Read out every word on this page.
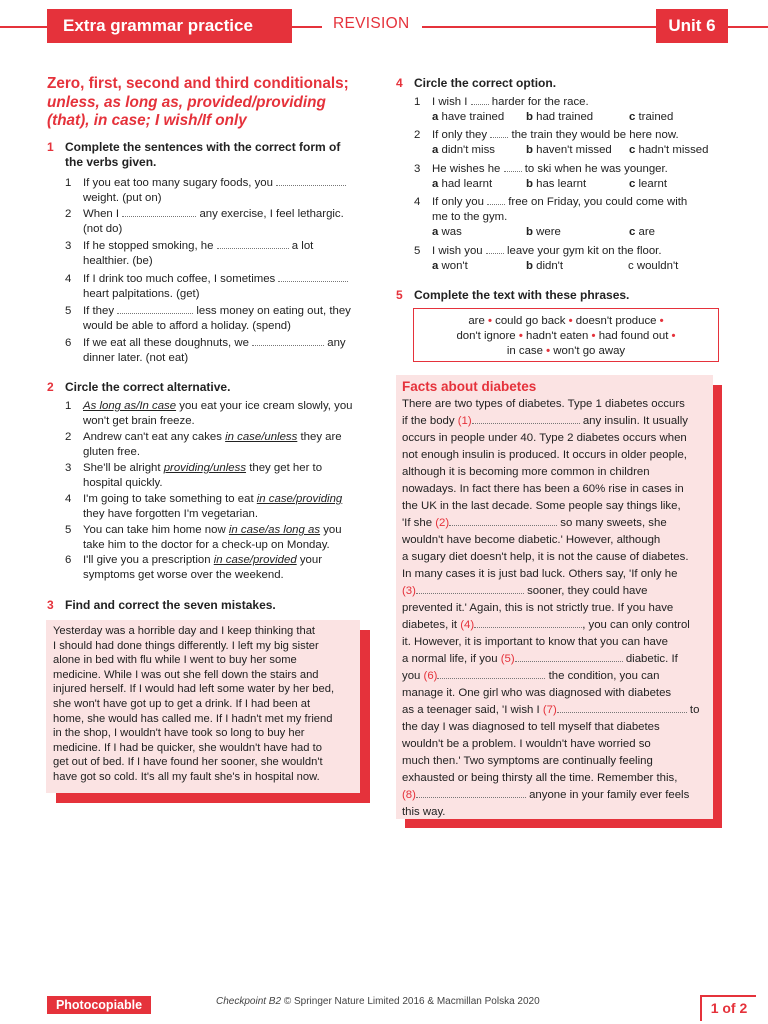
Extra grammar practice	REVISION	Unit 6
Zero, first, second and third conditionals;
unless, as long as, provided/providing
(that), in case; I wish/If only
1 Complete the sentences with the correct form of
the verbs given.
1 If you eat too many sugary foods, you
weight. (put on)
2 When I	any exercise, I feel lethargic.
(not do)
3 If he stopped smoking, he	a lot
healthier. (be)
4 If I drink too much coffee, I sometimes
heart palpitations. (get)
5 If they	less money on eating out, they
would be able to afford a holiday. (spend)
6 If we eat all these doughnuts, we	any
dinner later. (not eat)
2 Circle the correct alternative.
1 As long as/In case you eat your ice cream slowly, you
won't get brain freeze.
2 Andrew can't eat any cakes in case/unless they are
gluten free.
3 She'll be alright providing/unless they get her to
hospital quickly.
4 I'm going to take something to eat in case/providing
they have forgotten I'm vegetarian.
5 You can take him home now in case/as long as you
take him to the doctor for a check-up on Monday.
6 I'll give you a prescription in case/provided your
symptoms get worse over the weekend.
3 Find and correct the seven mistakes.
Yesterday was a horrible day and I keep thinking that
I should had done things differently. I left my big sister
alone in bed with flu while I went to buy her some
medicine. While I was out she fell down the stairs and
injured herself. If I would had left some water by her bed,
she won't have got up to get a drink. If I had been at
home, she would has called me. If I hadn't met my friend
in the shop, I wouldn't have took so long to buy her
medicine. If I had be quicker, she wouldn't have had to
get out of bed. If I have found her sooner, she wouldn't
have got so cold. It's all my fault she's in hospital now.
4 Circle the correct option.
1 I wish I harder for the race.
a have trained b had trained	c trained
2 If only they the train they would be here now.
a didn't miss	b haven't missed c hadn't missed
3 He wishes he to ski when he was younger.
a had learnt	b has learnt	c learnt
4 If only you free on Friday, you could come with
me to the gym.
a was	b were	c are
5 I wish you leave your gym kit on the floor.
a won't	b didn't	c wouldn't
5 Complete the text with these phrases.
are • could go back • doesn't produce •
don't ignore • hadn't eaten • had found out •
in case • won't go away
Facts about diabetes
There are two types of diabetes. Type 1 diabetes occurs
if the body (1)	any insulin. It usually
occurs in people under 40. Type 2 diabetes occurs when
not enough insulin is produced. It occurs in older people,
although it is becoming more common in children
nowadays. In fact there has been a 60% rise in cases in
the UK in the last decade. Some people say things like,
'If she (2)	so many sweets, she
wouldn't have become diabetic.' However, although
a sugary diet doesn't help, it is not the cause of diabetes.
In many cases it is just bad luck. Others say, 'If only he
(3)	sooner, they could have
prevented it.' Again, this is not strictly true. If you have
diabetes, it (4)	, you can only control
it. However, it is important to know that you can have
a normal life, if you (5)	diabetic. If
you (6)	the condition, you can
manage it. One girl who was diagnosed with diabetes
as a teenager said, 'I wish I (7)	to
the day I was diagnosed to tell myself that diabetes
wouldn't be a problem. I wouldn't have worried so
much then.' Two symptoms are continually feeling
exhausted or being thirsty all the time. Remember this,
(8)	anyone in your family ever feels
this way.
Photocopiable	Checkpoint B2 © Springer Nature Limited 2016 & Macmillan Polska 2020	1 of 2
